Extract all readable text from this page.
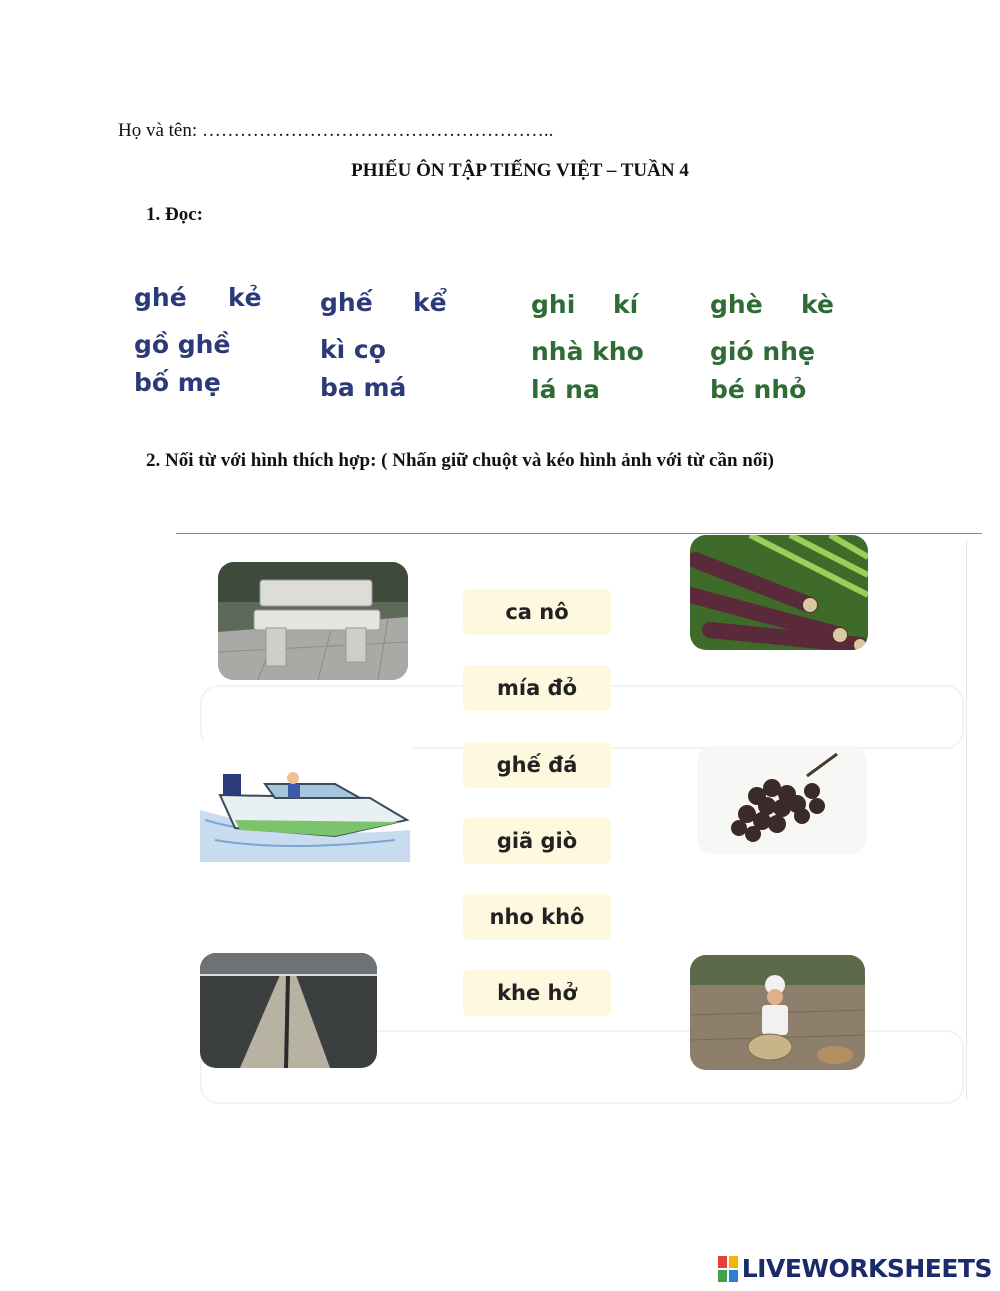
Họ và tên: ………………………………………………..
PHIẾU ÔN TẬP TIẾNG VIỆT – TUẦN 4
1. Đọc:
ghé kẻ
gồ ghề
bố mẹ
ghế kể
kì cọ
ba má
ghi kí
nhà kho
lá na
ghè kè
gió nhẹ
bé nhỏ
2. Nối từ với hình thích hợp: ( Nhấn giữ chuột và kéo hình ảnh với từ cần nối)
ca nô
mía đỏ
ghế đá
giã giò
nho khô
khe hở
LIVEWORKSHEETS
